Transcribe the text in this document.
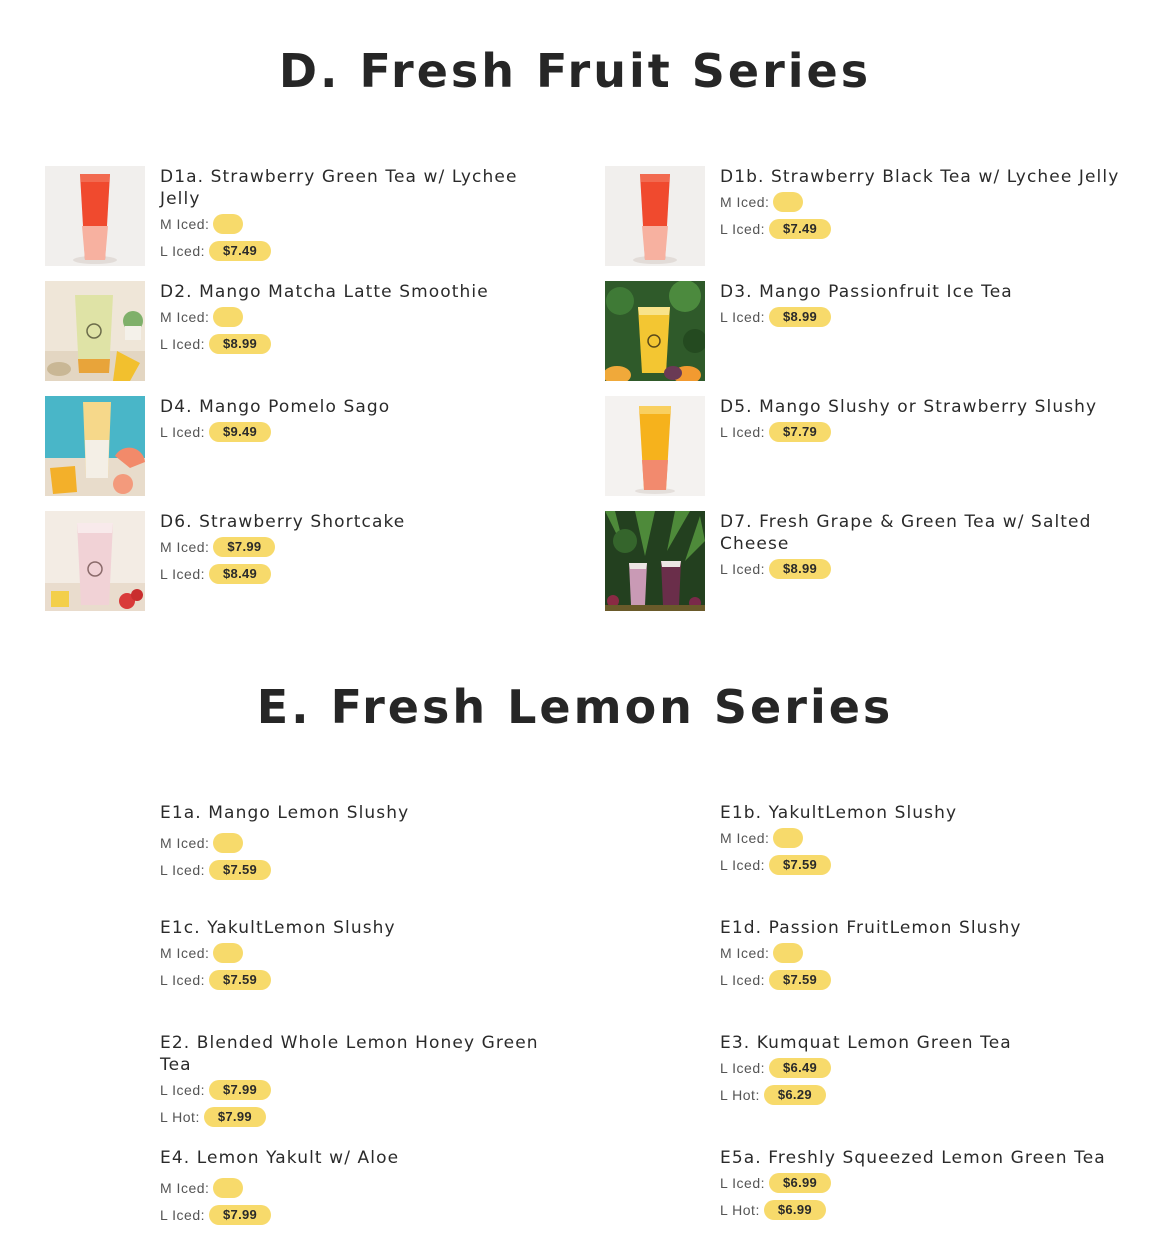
D. Fresh Fruit Series
D1a. Strawberry Green Tea w/ Lychee Jelly
M Iced:
L Iced:	$7.49
D1b. Strawberry Black Tea w/ Lychee Jelly
M Iced:
L Iced:	$7.49
D2. Mango Matcha Latte Smoothie
M Iced:
L Iced:	$8.99
D3. Mango Passionfruit Ice Tea
L Iced:	$8.99
D4. Mango Pomelo Sago
L Iced:	$9.49
D5. Mango Slushy or Strawberry Slushy
L Iced:	$7.79
D6. Strawberry Shortcake
M Iced:	$7.99
L Iced:	$8.49
D7. Fresh Grape & Green Tea w/ Salted Cheese
L Iced:	$8.99
E. Fresh Lemon Series
E1a. Mango Lemon Slushy
M Iced:
L Iced:	$7.59
E1b. YakultLemon Slushy
M Iced:
L Iced:	$7.59
E1c. YakultLemon Slushy
M Iced:
L Iced:	$7.59
E1d. Passion FruitLemon Slushy
M Iced:
L Iced:	$7.59
E2. Blended Whole Lemon Honey Green Tea
L Iced:	$7.99
L Hot:	$7.99
E3. Kumquat Lemon Green Tea
L Iced:	$6.49
L Hot:	$6.29
E4. Lemon Yakult w/ Aloe
M Iced:
L Iced:	$7.99
E5a. Freshly Squeezed Lemon Green Tea
L Iced:	$6.99
L Hot:	$6.99
